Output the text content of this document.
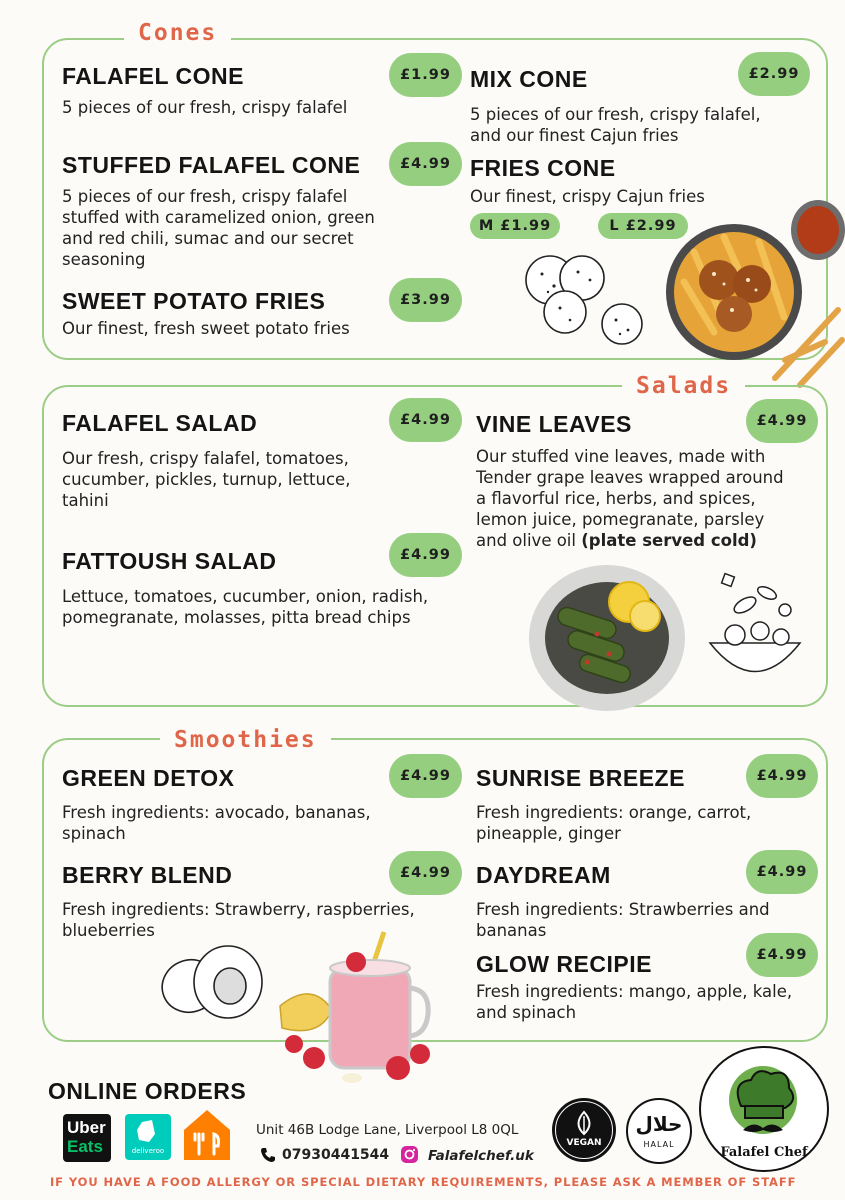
Cones
FALAFEL CONE	£1.99
5 pieces of our fresh, crispy falafel
STUFFED FALAFEL CONE	£4.99
5 pieces of our fresh, crispy falafel stuffed with caramelized onion, green and red chili, sumac and our secret seasoning
SWEET POTATO FRIES	£3.99
Our finest, fresh sweet potato fries
MIX CONE	£2.99
5 pieces of our fresh, crispy falafel, and our finest Cajun fries
FRIES CONE
Our finest, crispy Cajun fries
M £1.99	L £2.99
Salads
FALAFEL SALAD	£4.99
Our fresh, crispy falafel, tomatoes, cucumber, pickles, turnup, lettuce, tahini
FATTOUSH SALAD	£4.99
Lettuce, tomatoes, cucumber, onion, radish, pomegranate, molasses, pitta bread chips
VINE LEAVES	£4.99
Our stuffed vine leaves, made with Tender grape leaves wrapped around a flavorful rice, herbs, and spices, lemon juice, pomegranate, parsley and olive oil (plate served cold)
Smoothies
GREEN DETOX	£4.99
Fresh ingredients: avocado, bananas, spinach
BERRY BLEND	£4.99
Fresh ingredients: Strawberry, raspberries, blueberries
SUNRISE BREEZE	£4.99
Fresh ingredients: orange, carrot, pineapple, ginger
DAYDREAM	£4.99
Fresh ingredients: Strawberries and bananas
GLOW RECIPIE	£4.99
Fresh ingredients: mango, apple, kale, and spinach
ONLINE ORDERS
Uber
Eats	deliveroo
Unit 46B Lodge Lane, Liverpool L8 0QL
07930441544	Falafelchef.uk
VEGAN
حلال
HALAL
Falafel Chef
IF YOU HAVE A FOOD ALLERGY OR SPECIAL DIETARY REQUIREMENTS, PLEASE ASK A MEMBER OF STAFF
